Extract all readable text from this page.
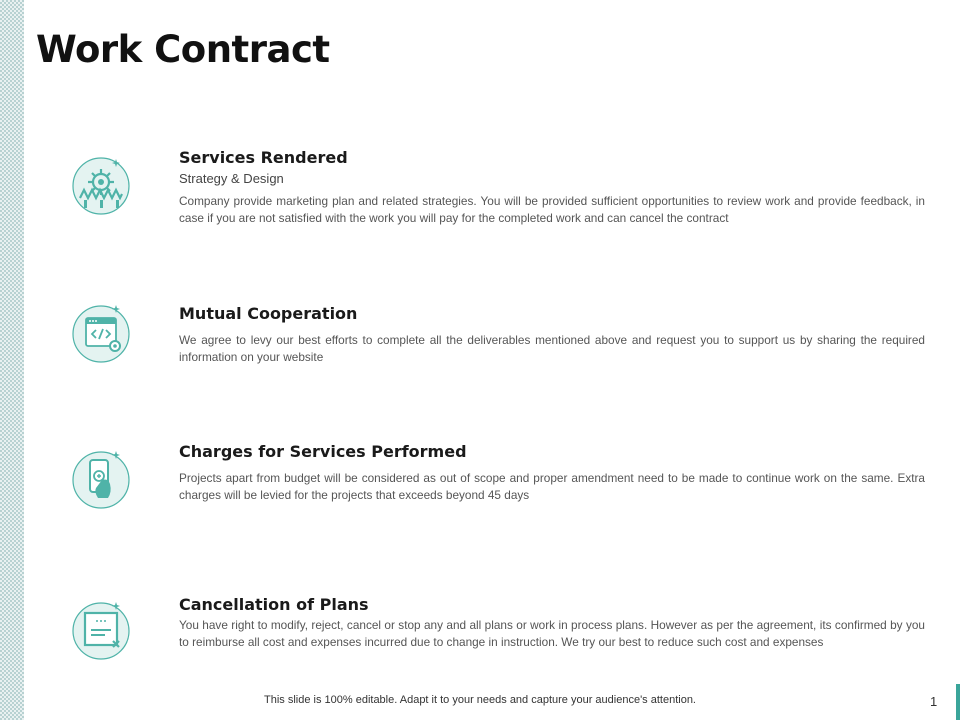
Work Contract
Services Rendered

Strategy & Design

Company provide marketing plan and related strategies. You will be provided sufficient opportunities to review work and provide feedback, in case if you are not satisfied with the work you will pay for the completed work and can cancel the contract

Mutual Cooperation

We agree to levy our best efforts to complete all the deliverables mentioned above and request you to support us by sharing the required information on your website

Charges for Services Performed

Projects apart from budget will be considered as out of scope and proper amendment need to be made to continue work on the same. Extra charges will be levied for the projects that exceeds beyond 45 days

Cancellation of Plans

You have right to modify, reject, cancel or stop any and all plans or work in process plans. However as per the agreement, its confirmed by you to reimburse all cost and expenses incurred due to change in instruction. We try our best to reduce such cost and expenses

This slide is 100% editable. Adapt it to your needs and capture your audience's attention.	1
